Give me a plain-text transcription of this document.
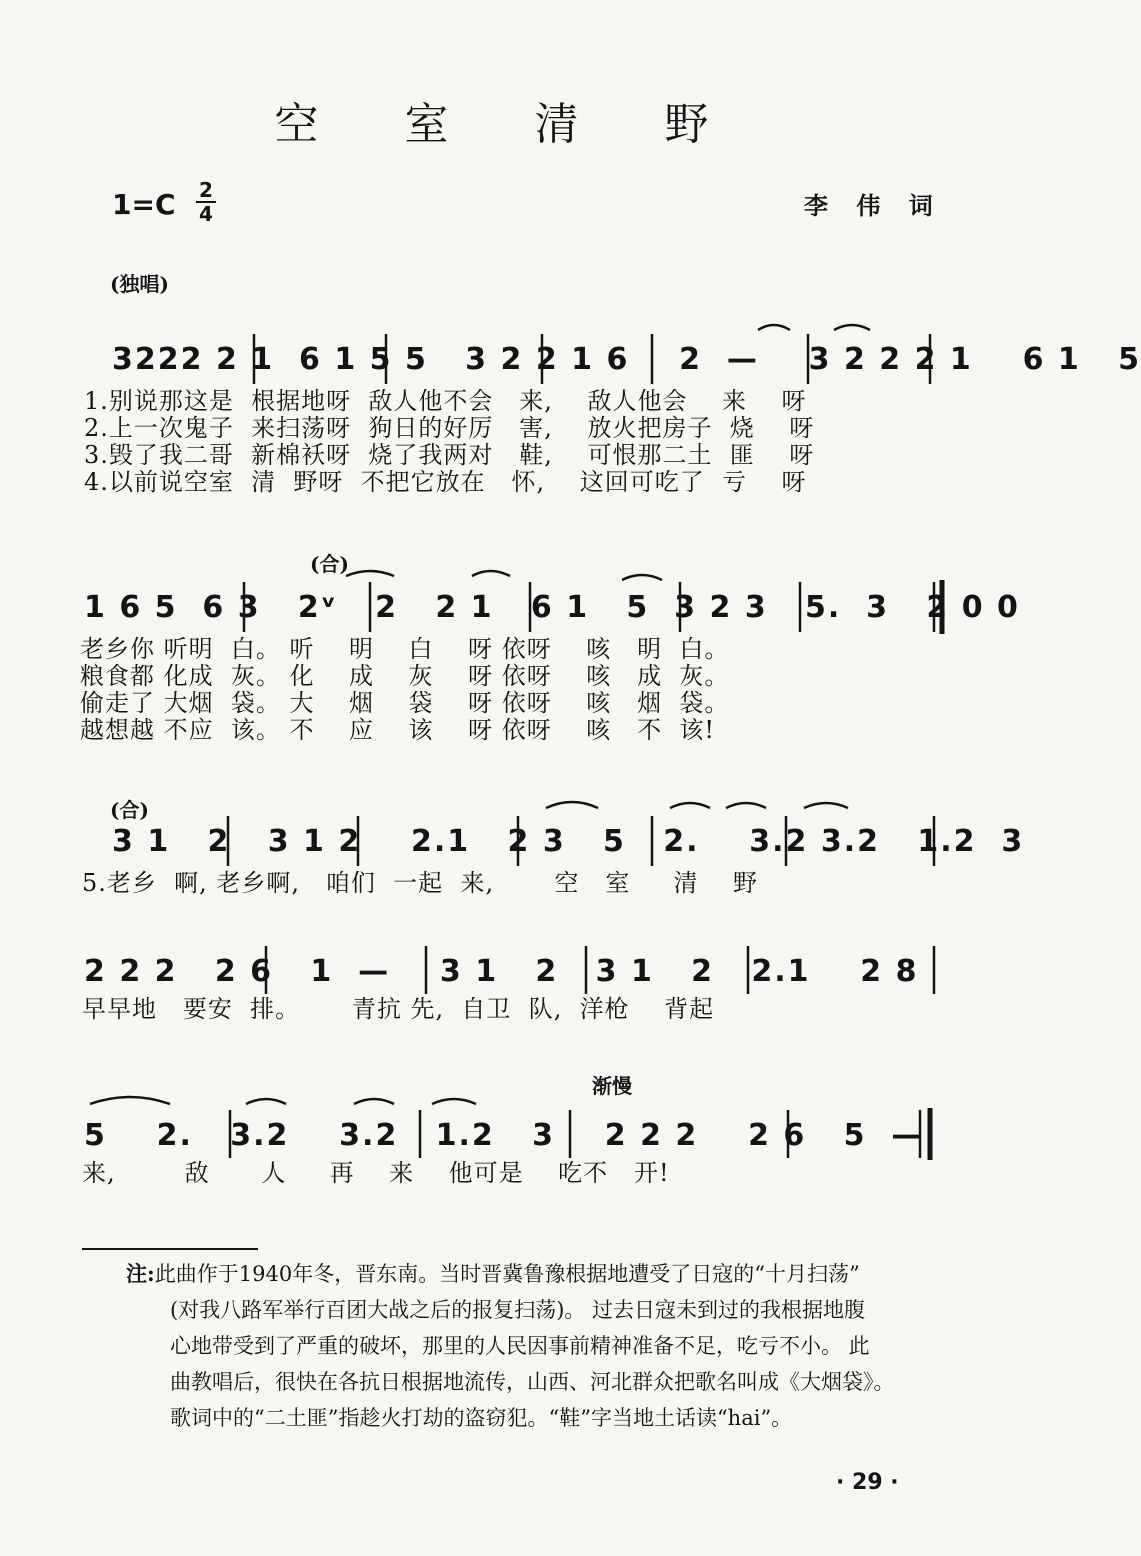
空 室 清 野
1=C 2
4	李 伟 词
(独唱)
3222 2 1  6 1 5 5   3 2 2 1 6    2  —    3 2 2 2 1    6 1   5
1.别说那这是  根据地呀  敌人他不会   来,    敌人他会    来    呀
2.上一次鬼子  来扫荡呀  狗日的好厉   害,    放火把房子  烧    呀
3.毁了我二哥  新棉袄呀  烧了我两对   鞋,    可恨那二土  匪    呀
4.以前说空室  清  野呀  不把它放在   怀,    这回可吃了  亏    呀
(合)
1 6 5  6 3   2ᵛ   2   2 1   6 1   5  3 2 3   5.  3   2 0 0
老乡你 听明  白。 听    明    白    呀 依呀    咳   明  白。
粮食都 化成  灰。 化    成    灰    呀 依呀    咳   成  灰。
偷走了 大烟  袋。 大    烟    袋    呀 依呀    咳   烟  袋。
越想越 不应  该。 不    应    该    呀 依呀    咳   不  该!
(合)
3 1   2   3 1 2    2.1   2 3   5   2.    3.2 3.2   1.2  3
5.老乡  啊, 老乡啊,   咱们  一起  来,       空   室     清    野
2 2 2   2 6   1  —    3 1   2   3 1   2   2.1    2 8
早早地   要安  排。      青抗 先,  自卫  队,  洋枪    背起
渐慢
5    2.   3.2    3.2   1.2   3    2 2 2    2 6   5  —
来,        敌      人     再    来    他可是    吃不   开!
注:此曲作于1940年冬，晋东南。当时晋冀鲁豫根据地遭受了日寇的“十月扫荡”
(对我八路军举行百团大战之后的报复扫荡)。 过去日寇未到过的我根据地腹
心地带受到了严重的破坏，那里的人民因事前精神准备不足，吃亏不小。 此
曲教唱后，很快在各抗日根据地流传，山西、河北群众把歌名叫成《大烟袋》。
歌词中的“二土匪”指趁火打劫的盗窃犯。“鞋”字当地土话读“hai”。
· 29 ·
